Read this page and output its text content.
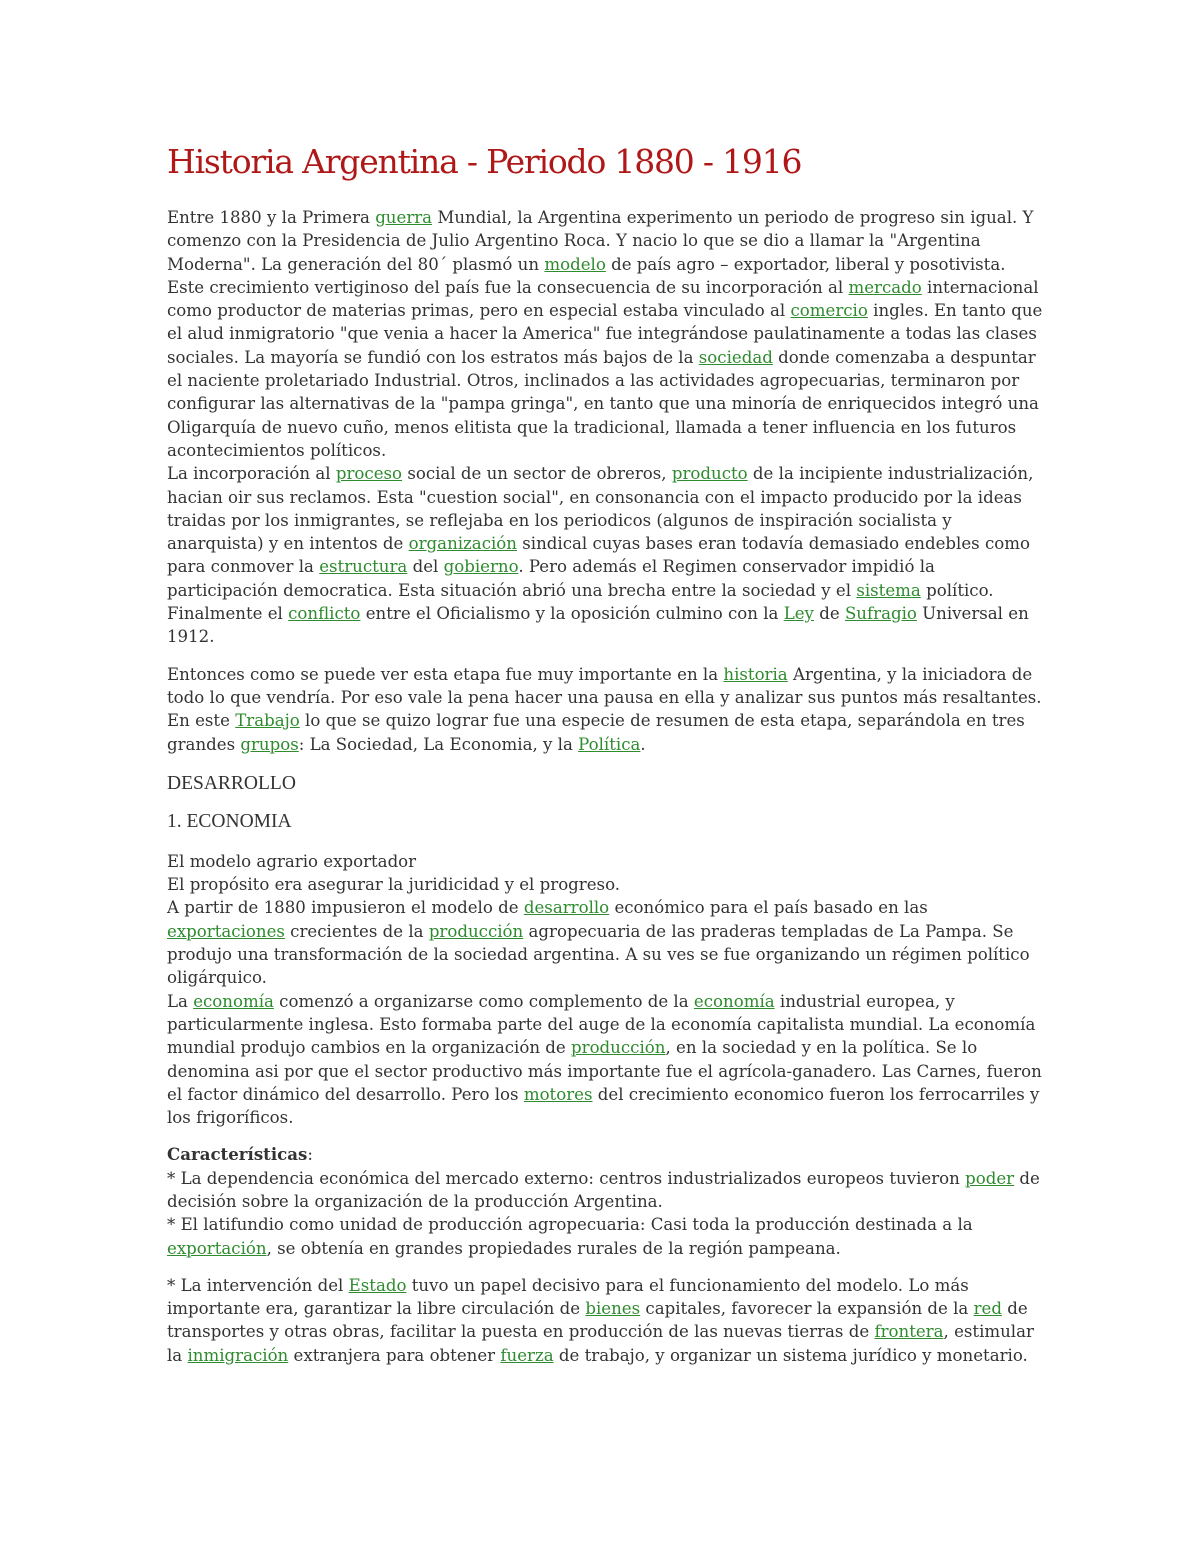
Historia Argentina - Periodo 1880 - 1916

Entre 1880 y la Primera guerra Mundial, la Argentina experimento un periodo de progreso sin igual. Y comenzo con la Presidencia de Julio Argentino Roca. Y nacio lo que se dio a llamar la "Argentina Moderna". La generación del 80´ plasmó un modelo de país agro – exportador, liberal y posotivista. Este crecimiento vertiginoso del país fue la consecuencia de su incorporación al mercado internacional como productor de materias primas, pero en especial estaba vinculado al comercio ingles. En tanto que el alud inmigratorio "que venia a hacer la America" fue integrándose paulatinamente a todas las clases sociales. La mayoría se fundió con los estratos más bajos de la sociedad donde comenzaba a despuntar el naciente proletariado Industrial. Otros, inclinados a las actividades agropecuarias, terminaron por configurar las alternativas de la "pampa gringa", en tanto que una minoría de enriquecidos integró una Oligarquía de nuevo cuño, menos elitista que la tradicional, llamada a tener influencia en los futuros acontecimientos políticos.

La incorporación al proceso social de un sector de obreros, producto de la incipiente industrialización, hacian oir sus reclamos. Esta "cuestion social", en consonancia con el impacto producido por la ideas traidas por los inmigrantes, se reflejaba en los periodicos (algunos de inspiración socialista y anarquista) y en intentos de organización sindical cuyas bases eran todavía demasiado endebles como para conmover la estructura del gobierno. Pero además el Regimen conservador impidió la participación democratica. Esta situación abrió una brecha entre la sociedad y el sistema político. Finalmente el conflicto entre el Oficialismo y la oposición culmino con la Ley de Sufragio Universal en 1912.

Entonces como se puede ver esta etapa fue muy importante en la historia Argentina, y la iniciadora de todo lo que vendría. Por eso vale la pena hacer una pausa en ella y analizar sus puntos más resaltantes. En este Trabajo lo que se quizo lograr fue una especie de resumen de esta etapa, separándola en tres grandes grupos: La Sociedad, La Economia, y la Política.

DESARROLLO
1. ECONOMIA

El modelo agrario exportador

El propósito era asegurar la juridicidad y el progreso.

A partir de 1880 impusieron el modelo de desarrollo económico para el país basado en las exportaciones crecientes de la producción agropecuaria de las praderas templadas de La Pampa. Se produjo una transformación de la sociedad argentina. A su ves se fue organizando un régimen político oligárquico.

La economía comenzó a organizarse como complemento de la economía industrial europea, y particularmente inglesa. Esto formaba parte del auge de la economía capitalista mundial. La economía mundial produjo cambios en la organización de producción, en la sociedad y en la política. Se lo denomina asi por que el sector productivo más importante fue el agrícola-ganadero. Las Carnes, fueron el factor dinámico del desarrollo. Pero los motores del crecimiento economico fueron los ferrocarriles y los frigoríficos.

Características:

* La dependencia económica del mercado externo: centros industrializados europeos tuvieron poder de decisión sobre la organización de la producción Argentina.

* El latifundio como unidad de producción agropecuaria: Casi toda la producción destinada a la exportación, se obtenía en grandes propiedades rurales de la región pampeana.

* La intervención del Estado tuvo un papel decisivo para el funcionamiento del modelo. Lo más importante era, garantizar la libre circulación de bienes capitales, favorecer la expansión de la red de transportes y otras obras, facilitar la puesta en producción de las nuevas tierras de frontera, estimular la inmigración extranjera para obtener fuerza de trabajo, y organizar un sistema jurídico y monetario.
